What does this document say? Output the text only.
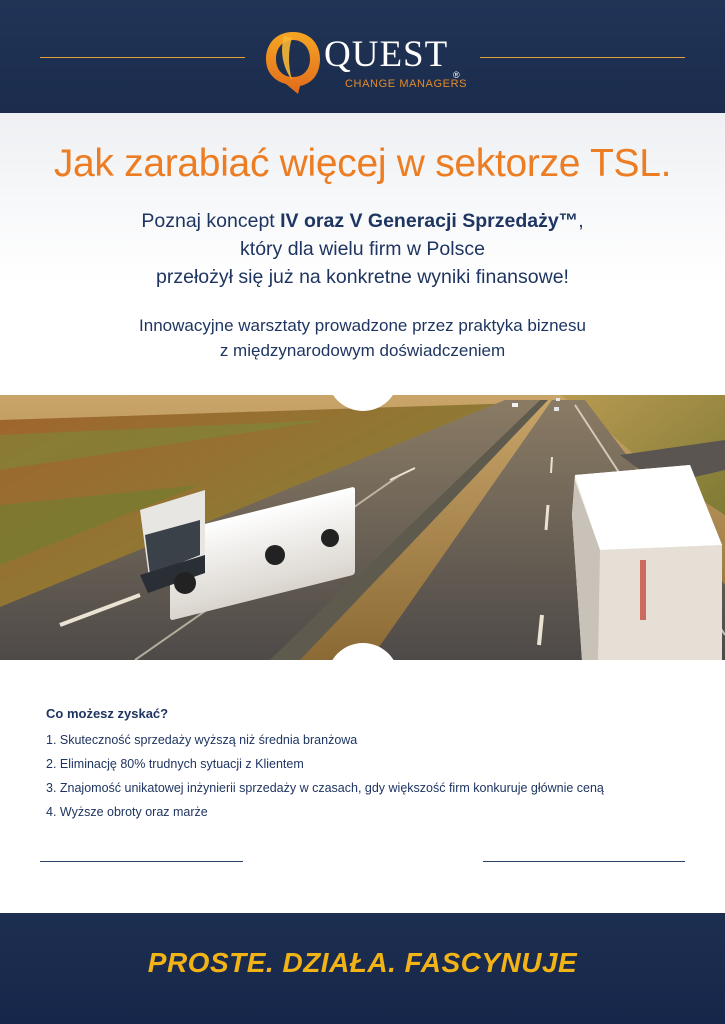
QUEST
CHANGE MANAGERS
®
Jak zarabiać więcej w sektorze TSL.
Poznaj koncept IV oraz V Generacji Sprzedaży™,
który dla wielu firm w Polsce
przełożył się już na konkretne wyniki finansowe!
Innowacyjne warsztaty prowadzone przez praktyka biznesu
z międzynarodowym doświadczeniem
Co możesz zyskać?
1. Skuteczność sprzedaży wyższą niż średnia branżowa
2. Eliminację 80% trudnych sytuacji z Klientem
3. Znajomość unikatowej inżynierii sprzedaży w czasach, gdy większość firm konkuruje głównie ceną
4. Wyższe obroty oraz marże
PROSTE. DZIAŁA. FASCYNUJE
